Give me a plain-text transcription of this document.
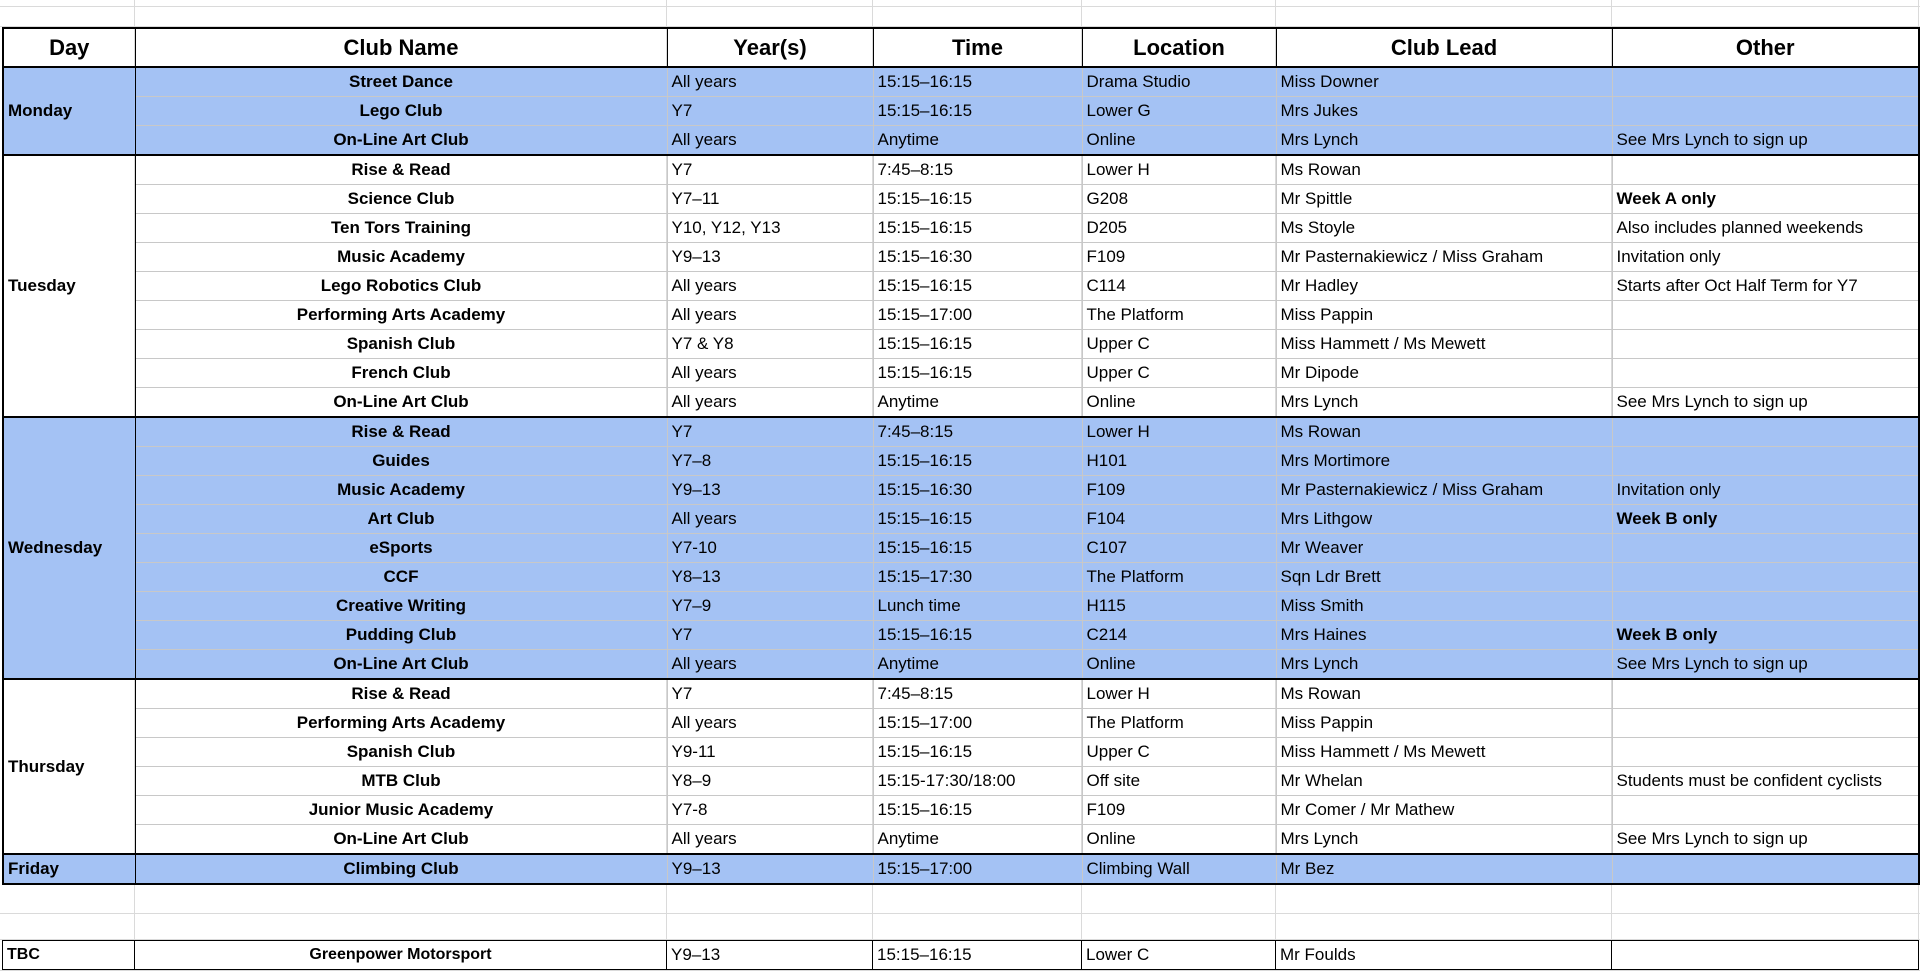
Day	Club Name	Year(s)	Time	Location	Club Lead	Other
Monday	Street Dance	All years	15:15–16:15	Drama Studio	Miss Downer	
	Lego Club	Y7	15:15–16:15	Lower G	Mrs Jukes	
	On-Line Art Club	All years	Anytime	Online	Mrs Lynch	See Mrs Lynch to sign up
Tuesday	Rise & Read	Y7	7:45–8:15	Lower H	Ms Rowan	
	Science Club	Y7–11	15:15–16:15	G208	Mr Spittle	Week A only
	Ten Tors Training	Y10, Y12, Y13	15:15–16:15	D205	Ms Stoyle	Also includes planned weekends
	Music Academy	Y9–13	15:15–16:30	F109	Mr Pasternakiewicz / Miss Graham	Invitation only
	Lego Robotics Club	All years	15:15–16:15	C114	Mr Hadley	Starts after Oct Half Term for Y7
	Performing Arts Academy	All years	15:15–17:00	The Platform	Miss Pappin	
	Spanish Club	Y7 & Y8	15:15–16:15	Upper C	Miss Hammett / Ms Mewett	
	French Club	All years	15:15–16:15	Upper C	Mr Dipode	
	On-Line Art Club	All years	Anytime	Online	Mrs Lynch	See Mrs Lynch to sign up
Wednesday	Rise & Read	Y7	7:45–8:15	Lower H	Ms Rowan	
	Guides	Y7–8	15:15–16:15	H101	Mrs Mortimore	
	Music Academy	Y9–13	15:15–16:30	F109	Mr Pasternakiewicz / Miss Graham	Invitation only
	Art Club	All years	15:15–16:15	F104	Mrs Lithgow	Week B only
	eSports	Y7-10	15:15–16:15	C107	Mr Weaver	
	CCF	Y8–13	15:15–17:30	The Platform	Sqn Ldr Brett	
	Creative Writing	Y7–9	Lunch time	H115	Miss Smith	
	Pudding Club	Y7	15:15–16:15	C214	Mrs Haines	Week B only
	On-Line Art Club	All years	Anytime	Online	Mrs Lynch	See Mrs Lynch to sign up
Thursday	Rise & Read	Y7	7:45–8:15	Lower H	Ms Rowan	
	Performing Arts Academy	All years	15:15–17:00	The Platform	Miss Pappin	
	Spanish Club	Y9-11	15:15–16:15	Upper C	Miss Hammett / Ms Mewett	
	MTB Club	Y8–9	15:15-17:30/18:00	Off site	Mr Whelan	Students must be confident cyclists
	Junior Music Academy	Y7-8	15:15–16:15	F109	Mr Comer / Mr Mathew	
	On-Line Art Club	All years	Anytime	Online	Mrs Lynch	See Mrs Lynch to sign up
Friday	Climbing Club	Y9–13	15:15–17:00	Climbing Wall	Mr Bez	
TBC	Greenpower Motorsport	Y9–13	15:15–16:15	Lower C	Mr Foulds	
